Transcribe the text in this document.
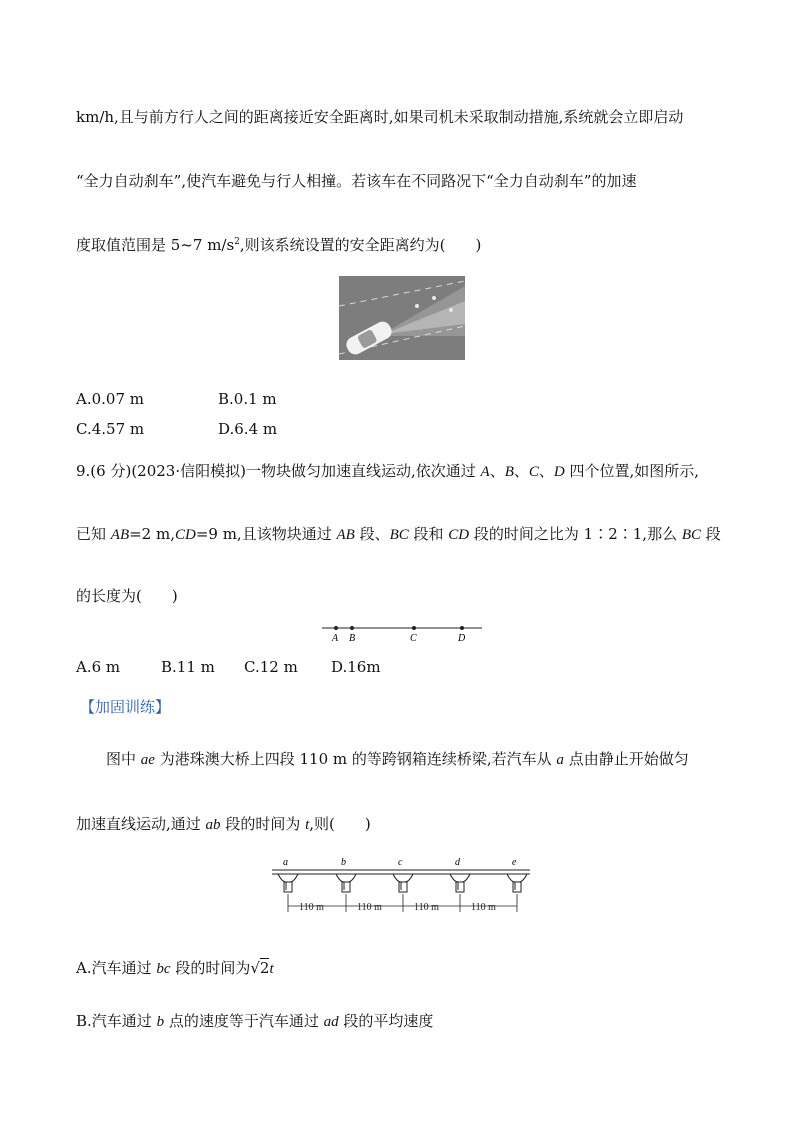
km/h,且与前方行人之间的距离接近安全距离时,如果司机未采取制动措施,系统就会立即启动
“全力自动刹车”,使汽车避免与行人相撞。若该车在不同路况下“全力自动刹车”的加速
度取值范围是 5~7 $m/s^2$,则该系统设置的安全距离约为(　　)
A.0.07 m	B.0.1 m
C.4.57 m	D.6.4 m
9.(6 分)(2023·信阳模拟)一物块做匀加速直线运动,依次通过 A、B、C、D 四个位置,如图所示,
已知 AB=2 m,CD=9 m,且该物块通过 AB 段、BC 段和 CD 段的时间之比为 1∶2∶1,那么 BC 段
的长度为(　　)
A B	C	D
A.6 m	B.11 m C.12 m D.16m
【加固训练】
图中 ae 为港珠澳大桥上四段 110 m 的等跨钢箱连续桥梁,若汽车从 a 点由静止开始做匀
加速直线运动,通过 ab 段的时间为 t,则(　　)
a	b	c	d	e
110 m	110 m	110 m	110 m
A.汽车通过 bc 段的时间为√2t
B.汽车通过 b 点的速度等于汽车通过 ad 段的平均速度
